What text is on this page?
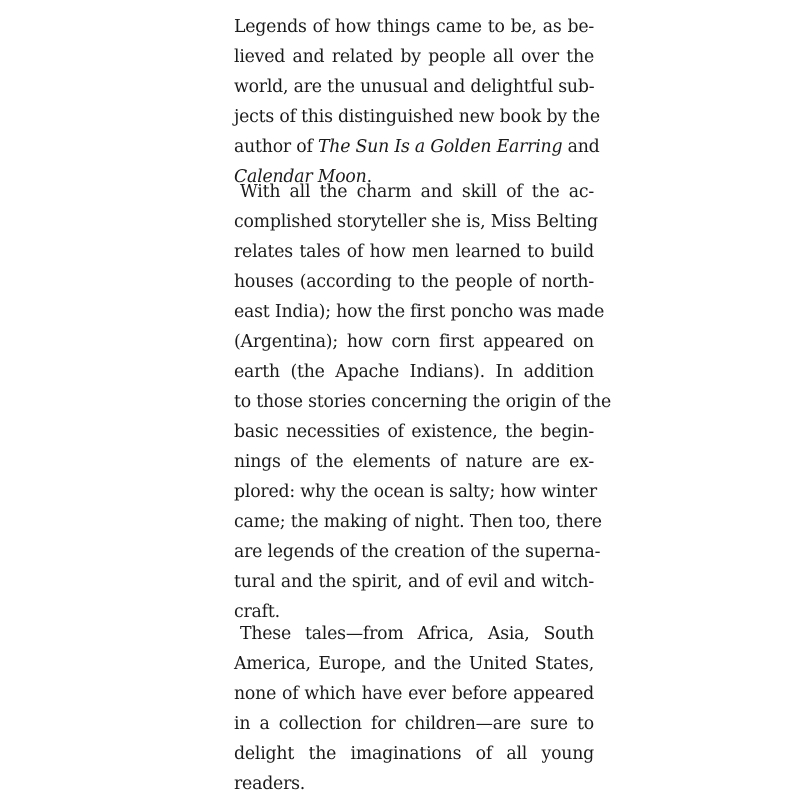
Legends of how things came to be, as be-
lieved and related by people all over the
world, are the unusual and delightful sub-
jects of this distinguished new book by the
author of The Sun Is a Golden Earring and
Calendar Moon.
With all the charm and skill of the ac-
complished storyteller she is, Miss Belting
relates tales of how men learned to build
houses (according to the people of north-
east India); how the first poncho was made
(Argentina); how corn first appeared on
earth (the Apache Indians). In addition
to those stories concerning the origin of the
basic necessities of existence, the begin-
nings of the elements of nature are ex-
plored: why the ocean is salty; how winter
came; the making of night. Then too, there
are legends of the creation of the superna-
tural and the spirit, and of evil and witch-
craft.
These tales—from Africa, Asia, South
America, Europe, and the United States,
none of which have ever before appeared
in a collection for children—are sure to
delight the imaginations of all young
readers.
